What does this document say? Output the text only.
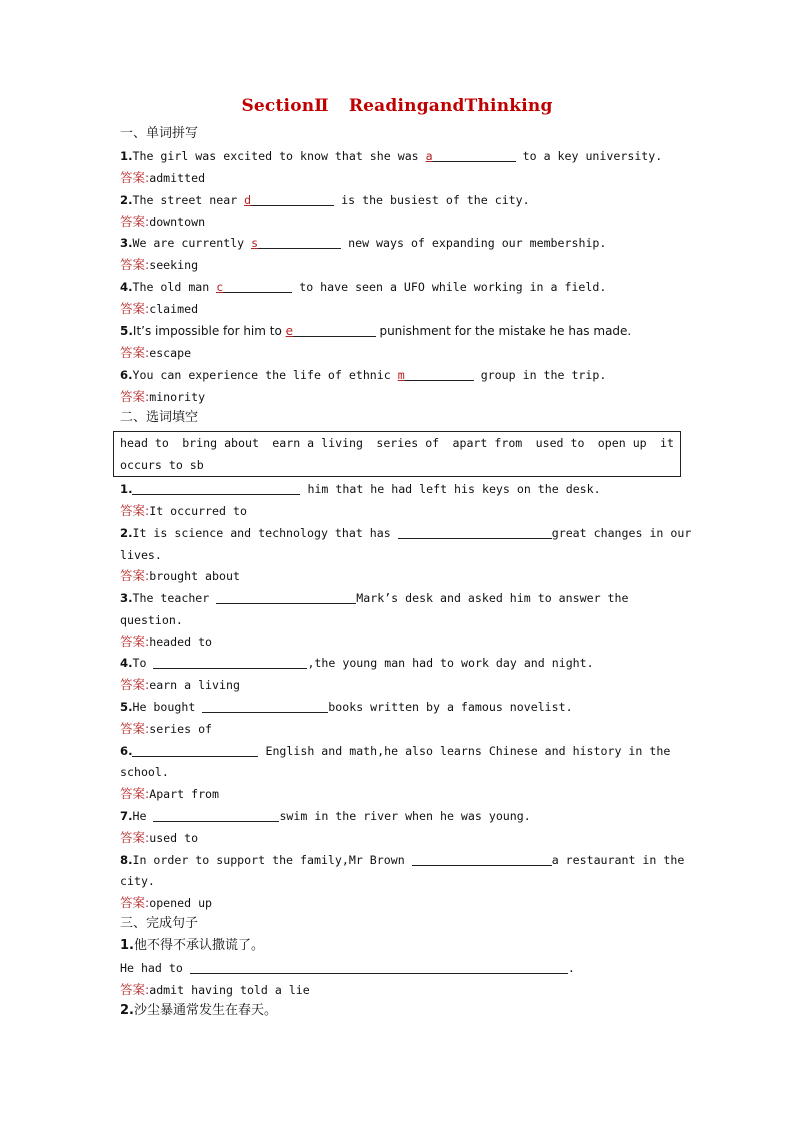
SectionⅡ ReadingandThinking
一、单词拼写
1.The girl was excited to know that she was a	to a key university.
答案:admitted
2.The street near d	is the busiest of the city.
答案:downtown
3.We are currently s	new ways of expanding our membership.
答案:seeking
4.The old man c	to have seen a UFO while working in a field.
答案:claimed
5.It’s impossible for him to e	punishment for the mistake he has made.
答案:escape
6.You can experience the life of ethnic m	group in the trip.
答案:minority
二、选词填空
head to bring about earn a living series of apart from used to open up it
occurs to sb
1.	him that he had left his keys on the desk.
答案:It occurred to
2.It is science and technology that has	great changes in our
lives.
答案:brought about
3.The teacher	Mark’s desk and asked him to answer the
question.
答案:headed to
4.To	,the young man had to work day and night.
答案:earn a living
5.He bought	books written by a famous novelist.
答案:series of
6.	English and math,he also learns Chinese and history in the
school.
答案:Apart from
7.He	swim in the river when he was young.
答案:used to
8.In order to support the family,Mr Brown	a restaurant in the
city.
答案:opened up
三、完成句子
1.他不得不承认撒谎了。
He had to	.
答案:admit having told a lie
2.沙尘暴通常发生在春天。
